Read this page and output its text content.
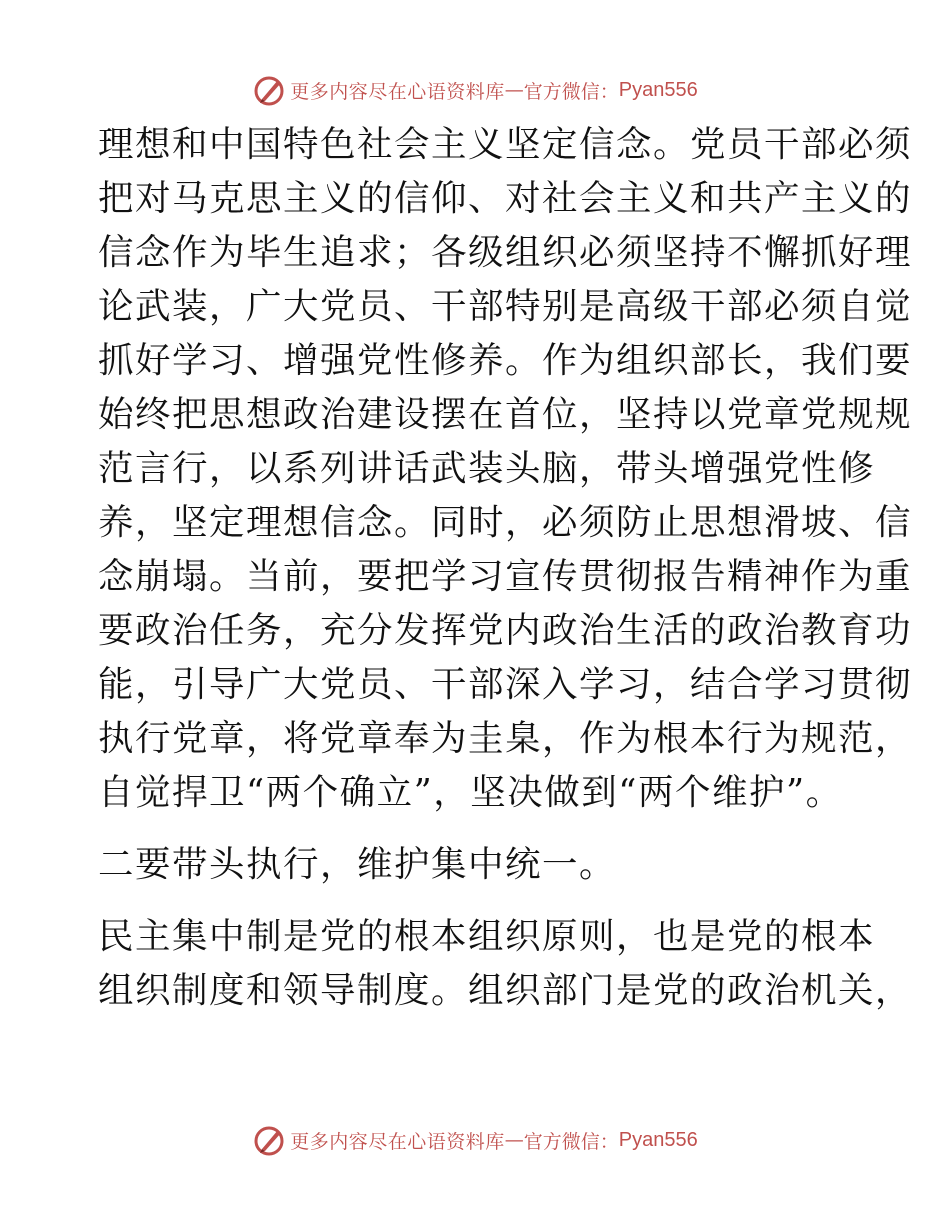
更多内容尽在心语资料库 — 官方微信： Pyan556
理想和中国特色社会主义坚定信念。党员干部必须
把对马克思主义的信仰、对社会主义和共产主义的
信念作为毕生追求；各级组织必须坚持不懈抓好理
论武装，广大党员、干部特别是高级干部必须自觉
抓好学习、增强党性修养。作为组织部长，我们要
始终把思想政治建设摆在首位，坚持以党章党规规
范言行，以系列讲话武装头脑，带头增强党性修
养，坚定理想信念。同时，必须防止思想滑坡、信
念崩塌。当前，要把学习宣传贯彻报告精神作为重
要政治任务，充分发挥党内政治生活的政治教育功
能，引导广大党员、干部深入学习，结合学习贯彻
执行党章，将党章奉为圭臬，作为根本行为规范，
自觉捍卫“两个确立”，坚决做到“两个维护”。
二要带头执行，维护集中统一。
民主集中制是党的根本组织原则，也是党的根本
组织制度和领导制度。组织部门是党的政治机关，
更多内容尽在心语资料库 — 官方微信： Pyan556
